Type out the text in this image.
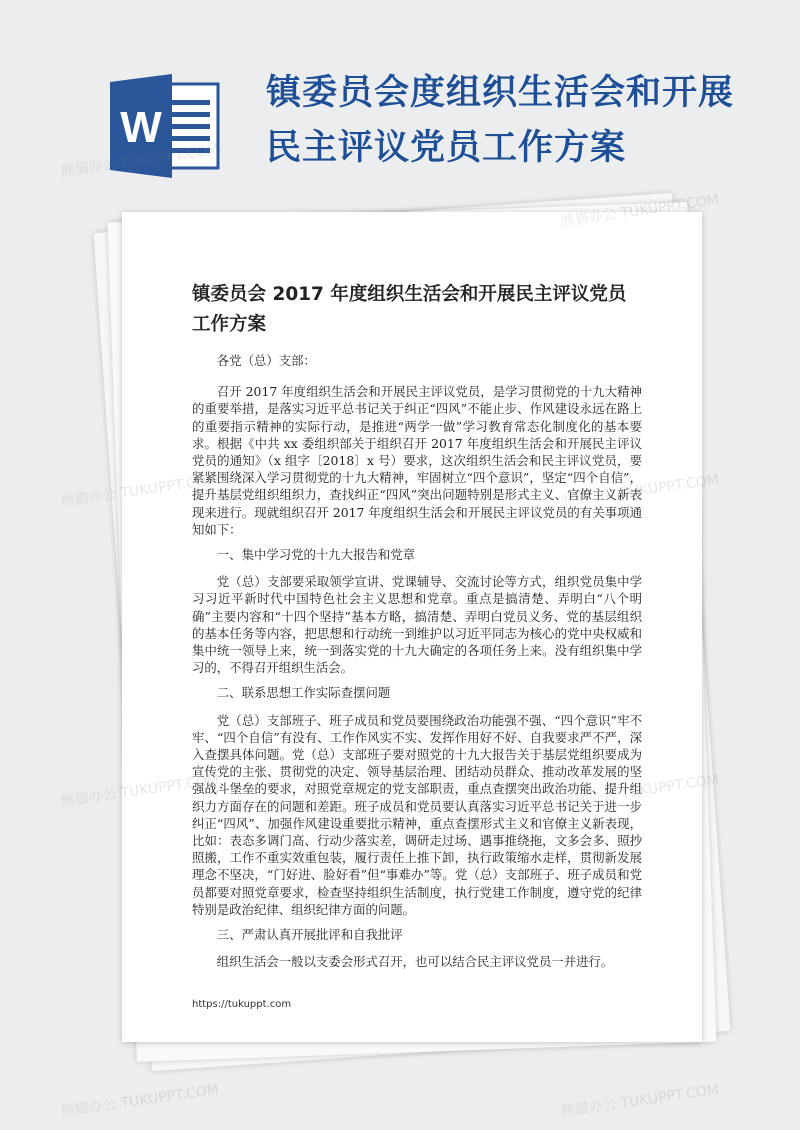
W
镇委员会度组织生活会和开展民主评议党员工作方案
镇委员会 2017 年度组织生活会和开展民主评议党员工作方案

各党（总）支部：

召开 2017 年度组织生活会和开展民主评议党员，是学习贯彻党的十九大精神的重要举措，是落实习近平总书记关于纠正“四风”不能止步、作风建设永远在路上的重要指示精神的实际行动，是推进“两学一做”学习教育常态化制度化的基本要求。根据《中共 xx 委组织部关于组织召开 2017 年度组织生活会和开展民主评议党员的通知》（x 组字〔2018〕x 号）要求，这次组织生活会和民主评议党员，要紧紧围绕深入学习贯彻党的十九大精神，牢固树立“四个意识”，坚定“四个自信”，提升基层党组织组织力，查找纠正“四风”突出问题特别是形式主义、官僚主义新表现来进行。现就组织召开 2017 年度组织生活会和开展民主评议党员的有关事项通知如下：

一、集中学习党的十九大报告和党章

党（总）支部要采取领学宣讲、党课辅导、交流讨论等方式，组织党员集中学习习近平新时代中国特色社会主义思想和党章。重点是搞清楚、弄明白“八个明确”主要内容和“十四个坚持”基本方略，搞清楚、弄明白党员义务、党的基层组织的基本任务等内容，把思想和行动统一到维护以习近平同志为核心的党中央权威和集中统一领导上来，统一到落实党的十九大确定的各项任务上来。没有组织集中学习的，不得召开组织生活会。

二、联系思想工作实际查摆问题

党（总）支部班子、班子成员和党员要围绕政治功能强不强、“四个意识”牢不牢、“四个自信”有没有、工作作风实不实、发挥作用好不好、自我要求严不严，深入查摆具体问题。党（总）支部班子要对照党的十九大报告关于基层党组织要成为宣传党的主张、贯彻党的决定、领导基层治理、团结动员群众、推动改革发展的坚强战斗堡垒的要求，对照党章规定的党支部职责，重点查摆突出政治功能、提升组织力方面存在的问题和差距。班子成员和党员要认真落实习近平总书记关于进一步纠正“四风”、加强作风建设重要批示精神，重点查摆形式主义和官僚主义新表现，比如：表态多调门高、行动少落实差，调研走过场、遇事推绕拖，文多会多、照抄照搬，工作不重实效重包装，履行责任上推下卸，执行政策缩水走样，贯彻新发展理念不坚决，“门好进、脸好看”但“事难办”等。党（总）支部班子、班子成员和党员都要对照党章要求，检查坚持组织生活制度，执行党建工作制度，遵守党的纪律特别是政治纪律、组织纪律方面的问题。

三、严肃认真开展批评和自我批评

组织生活会一般以支委会形式召开，也可以结合民主评议党员一并进行。

https://tukuppt.com
熊猫办公
熊猫办公
熊猫办公
熊猫办公 TUKUPPT.COM	熊猫办公 TUKUPPT.COM
